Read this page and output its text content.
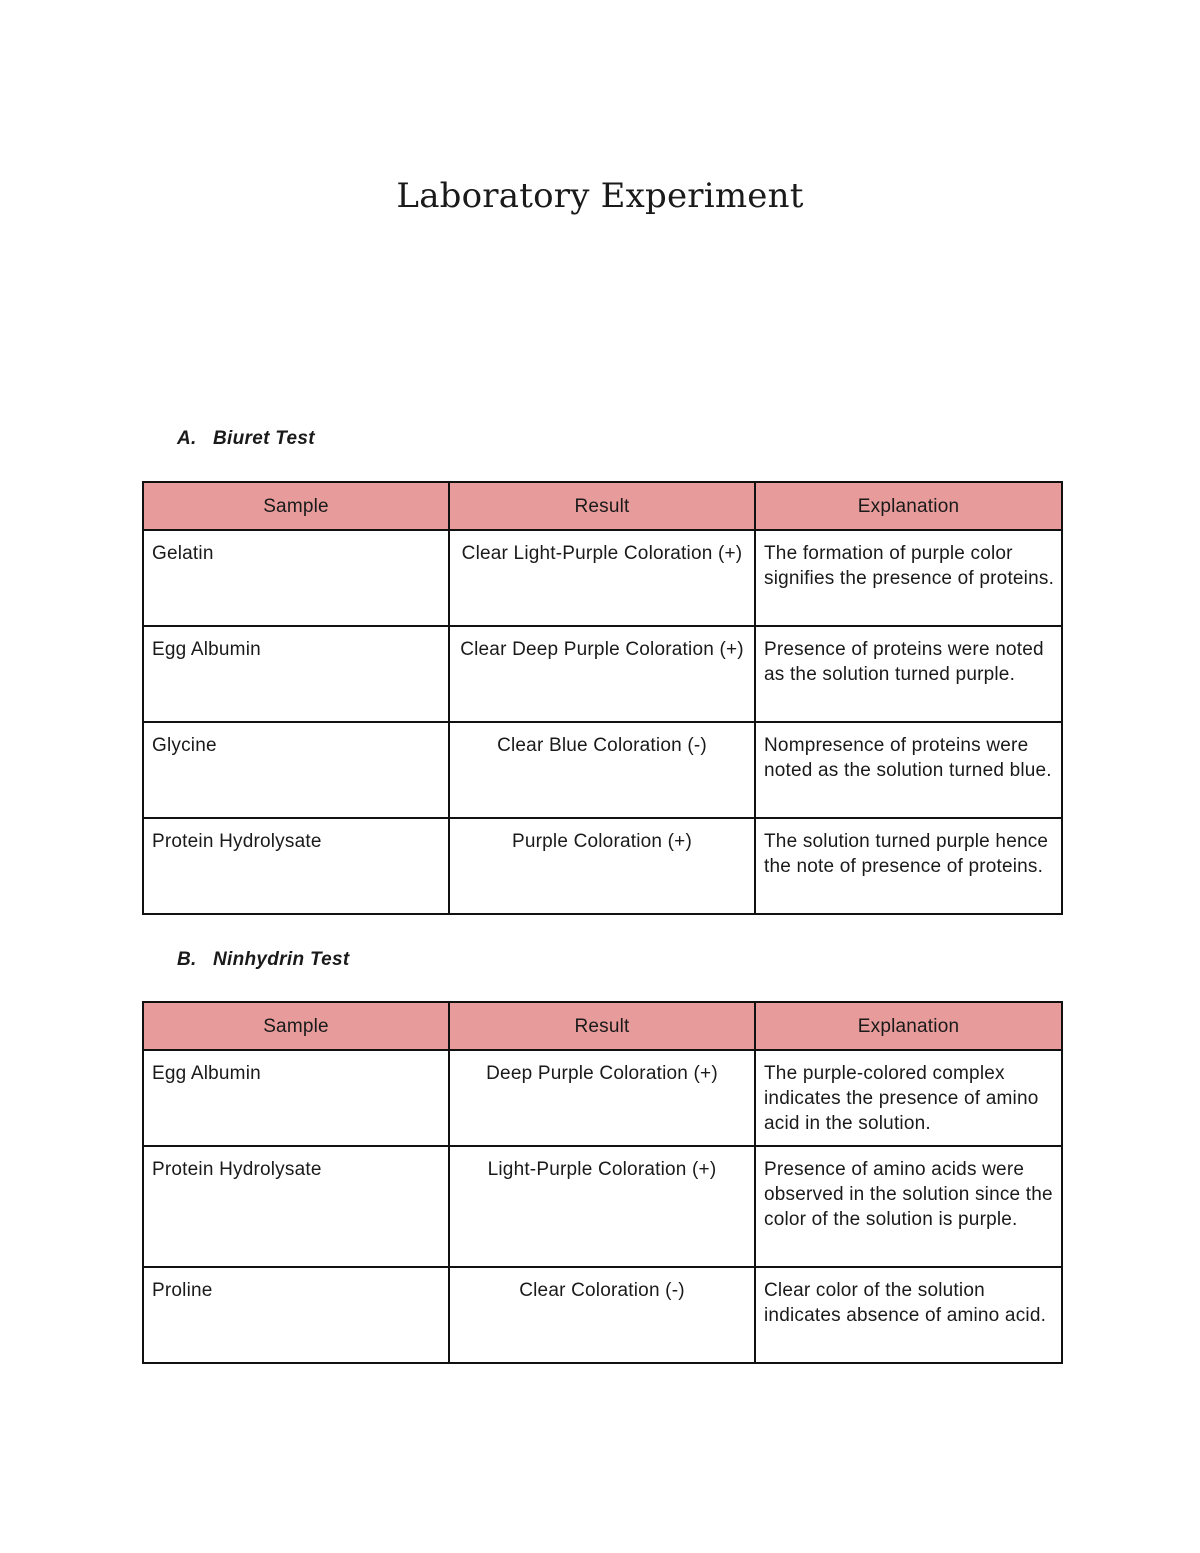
Laboratory Experiment
A. Biuret Test
Sample	Result	Explanation
Gelatin	Clear Light-Purple Coloration (+)	The formation of purple color signifies the presence of proteins.
Egg Albumin	Clear Deep Purple Coloration (+)	Presence of proteins were noted as the solution turned purple.
Glycine	Clear Blue Coloration (-)	Nompresence of proteins were noted as the solution turned blue.
Protein Hydrolysate	Purple Coloration (+)	The solution turned purple hence the note of presence of proteins.
B. Ninhydrin Test
Sample	Result	Explanation
Egg Albumin	Deep Purple Coloration (+)	The purple-colored complex indicates the presence of amino acid in the solution.
Protein Hydrolysate	Light-Purple Coloration (+)	Presence of amino acids were observed in the solution since the color of the solution is purple.
Proline	Clear Coloration (-)	Clear color of the solution indicates absence of amino acid.
